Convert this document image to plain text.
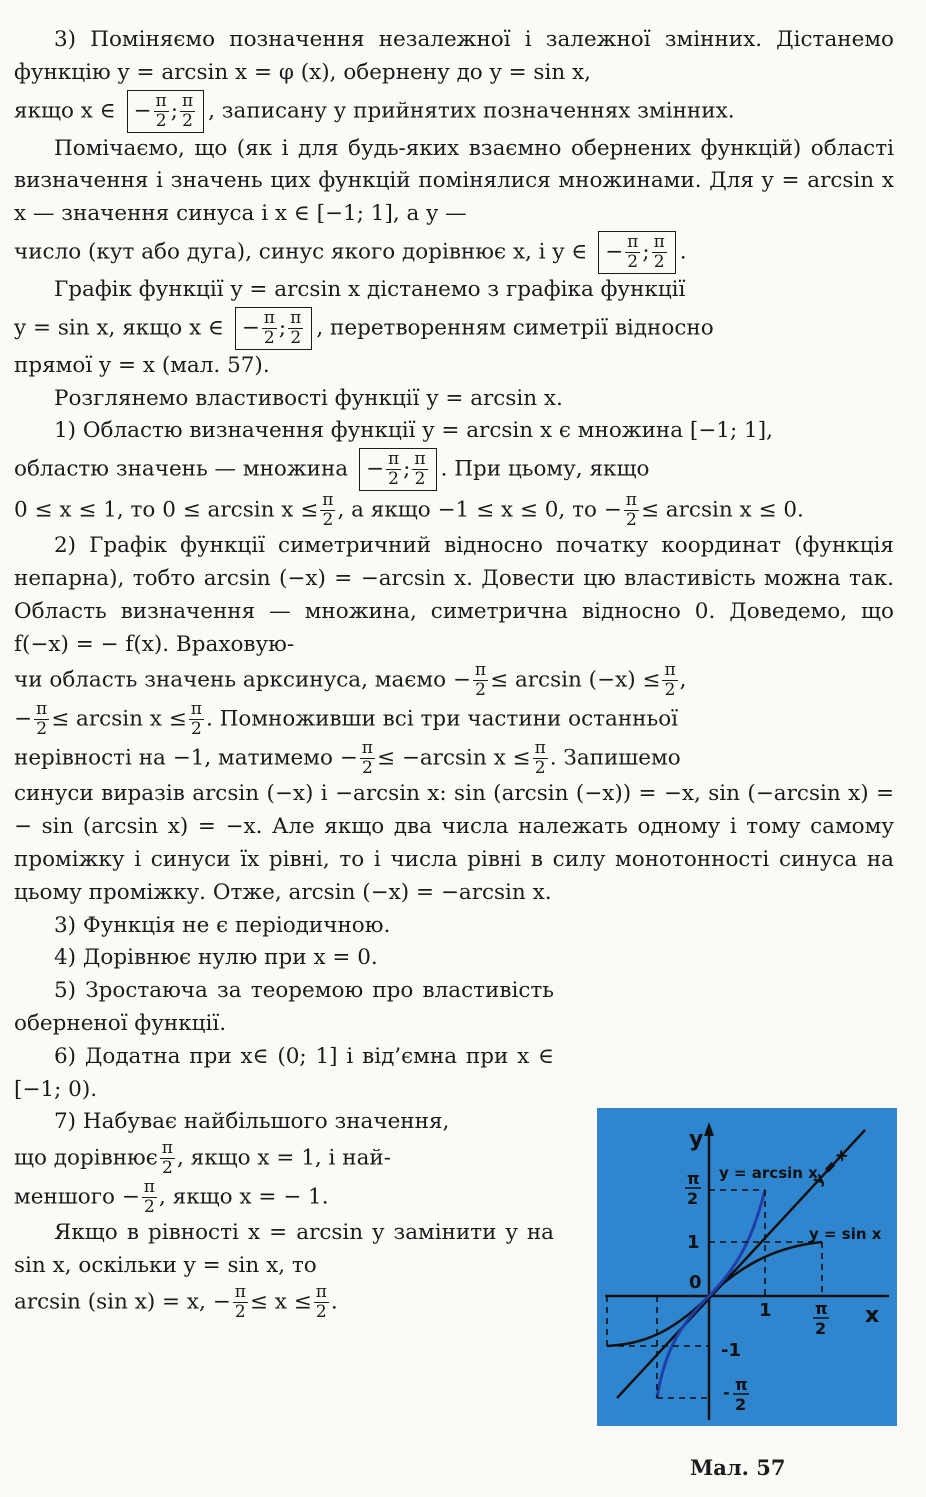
3) Поміняємо позначення незалежної і залежної змінних. Дістанемо функцію y = arcsin x = φ (x), обернену до y = sin x,

якщо x ∈ − $\frac{\pi}{2}$ ; $\frac{\pi}{2}$ , записану у прийнятих позначеннях змінних.

Помічаємо, що (як і для будь-яких взаємно обернених функцій) області визначення і значень цих функцій помінялися множинами. Для y = arcsin x x — значення синуса і x ∈ [−1; 1], а y —

число (кут або дуга), синус якого дорівнює x, і y ∈ − $\frac{\pi}{2}$ ; $\frac{\pi}{2}$ .

Графік функції y = arcsin x дістанемо з графіка функції

y = sin x, якщо x ∈ − $\frac{\pi}{2}$ ; $\frac{\pi}{2}$ , перетворенням симетрії відносно

прямої y = x (мал. 57).

Розглянемо властивості функції y = arcsin x.

1) Областю визначення функції y = arcsin x є множина [−1; 1],

областю значень — множина − $\frac{\pi}{2}$ ; $\frac{\pi}{2}$ . При цьому, якщо

0 ≤ x ≤ 1, то $0 \le \arcsin x \le \frac{\pi}{2}$ , а якщо −1 ≤ x ≤ 0, то − $\frac{\pi}{2} \le \arcsin x \le 0$.

2) Графік функції симетричний відносно початку координат (функція непарна), тобто arcsin (−x) = −arcsin x. Довести цю властивість можна так. Область визначення — множина, симетрична відносно 0. Доведемо, що f(−x) = − f(x). Враховую-

чи область значень арксинуса, маємо − $\frac{\pi}{2} \le \arcsin (-x) \le \frac{\pi}{2}$ ,

− $\frac{\pi}{2} \le \arcsin x \le \frac{\pi}{2}$ . Помноживши всі три частини останньої

нерівності на −1, матимемо − $\frac{\pi}{2} \le -\arcsin$ $x \le \frac{\pi}{2}$ . Запишемо

синуси виразів arcsin (−x) і −arcsin x: sin (arcsin (−x)) = −x, sin (−arcsin x) = − sin (arcsin x) = −x. Але якщо два числа належать одному і тому самому проміжку і синуси їх рівні, то і числа рівні в силу монотонності синуса на цьому проміжку. Отже, arcsin (−x) = −arcsin x.

3) Функція не є періодичною.

4) Дорівнює нулю при x = 0.

5) Зростаюча за теоремою про властивість оберненої функції.

6) Додатна при x∈ (0; 1] і від’ємна при x ∈ [−1; 0).

7) Набуває найбільшого значення,

що дорівнює $\frac{\pi}{2}$ , якщо x = 1, і най-

меншого − $\frac{\pi}{2}$ , якщо x = − 1.

Якщо в рівності x = arcsin y замінити y на sin x, оскільки y = sin x, то

arcsin (sin x) = x, − $\frac{\pi}{2} \le x \le \frac{\pi}{2}$ .

y
x
0
1
1
-1
π
2
π
2
- π
2
y = arcsin x
y = x
y = sin x
Мал. 57
